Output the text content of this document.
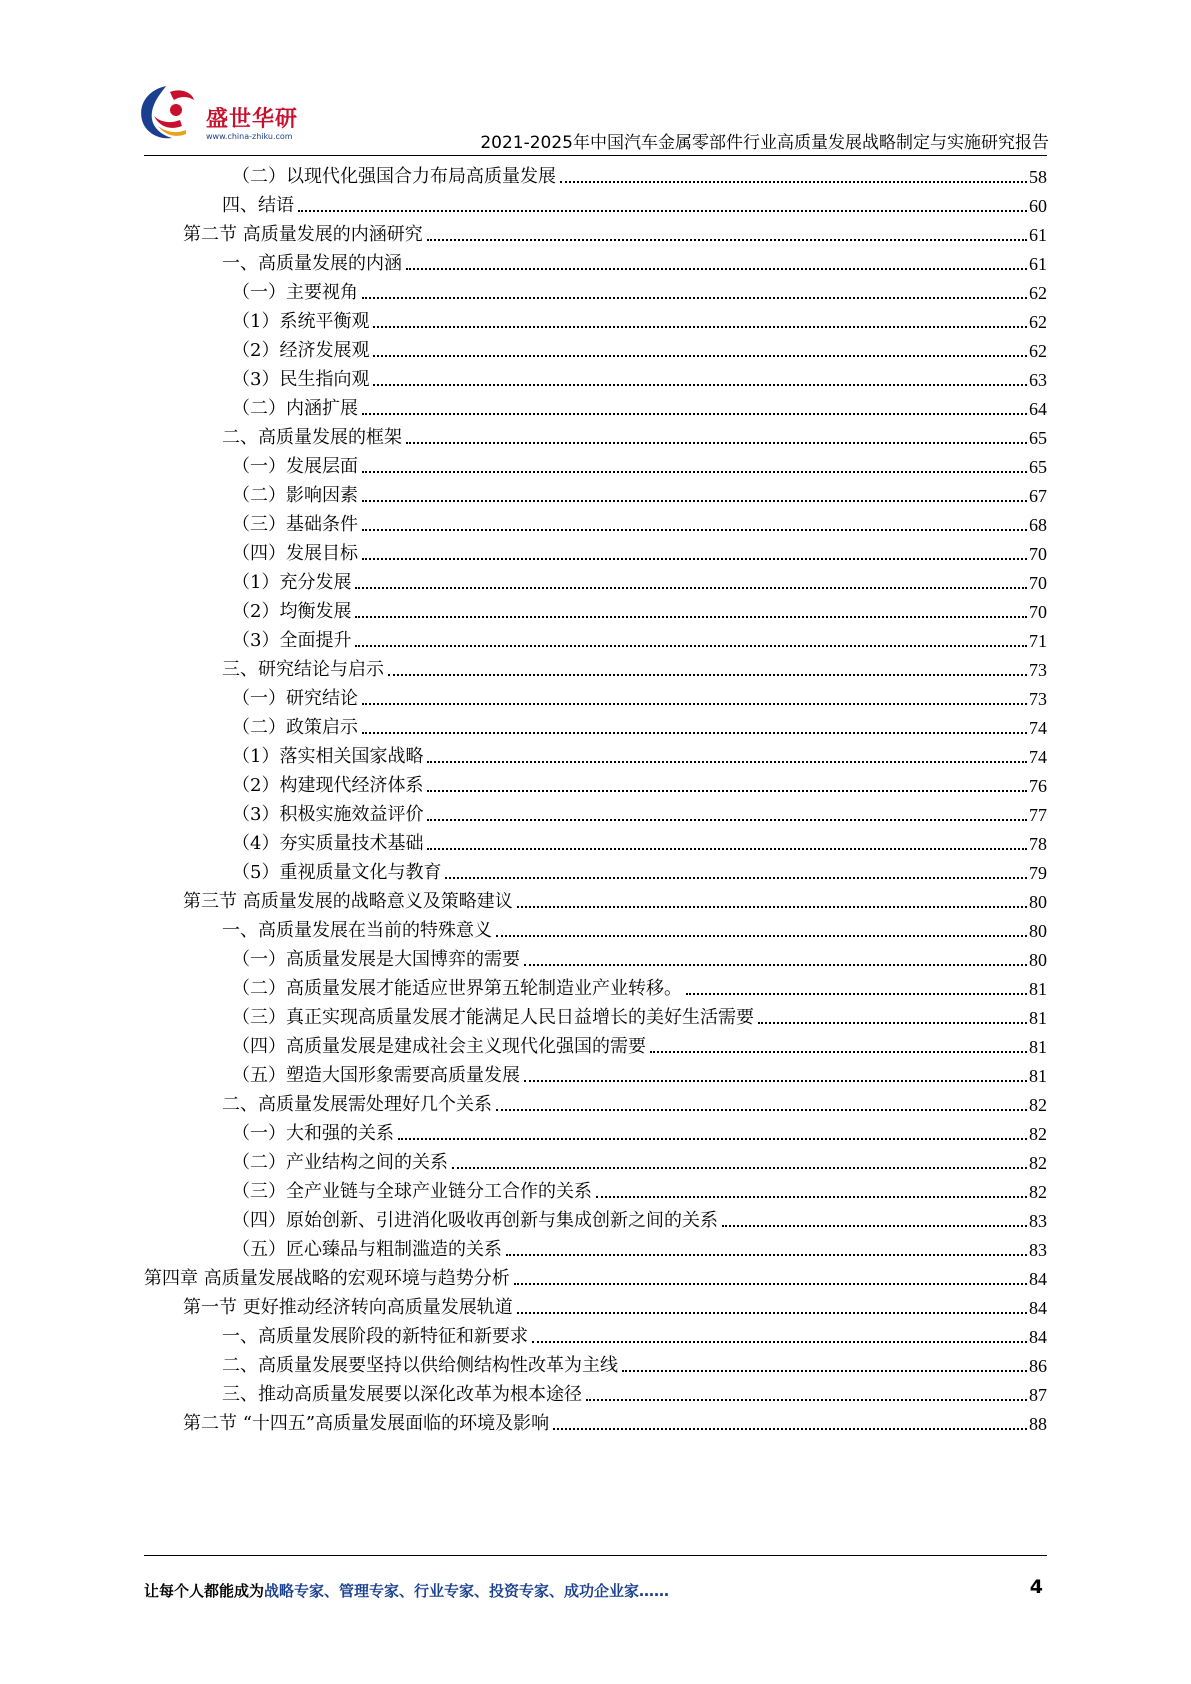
盛世华研
www.china-zhiku.com	2021-2025年中国汽车金属零部件行业高质量发展战略制定与实施研究报告
（二）以现代化强国合力布局高质量发展	58
四、结语	60
第二节 高质量发展的内涵研究	61
一、高质量发展的内涵	61
（一）主要视角	62
（1）系统平衡观	62
（2）经济发展观	62
（3）民生指向观	63
（二）内涵扩展	64
二、高质量发展的框架	65
（一）发展层面	65
（二）影响因素	67
（三）基础条件	68
（四）发展目标	70
（1）充分发展	70
（2）均衡发展	70
（3）全面提升	71
三、研究结论与启示	73
（一）研究结论	73
（二）政策启示	74
（1）落实相关国家战略	74
（2）构建现代经济体系	76
（3）积极实施效益评价	77
（4）夯实质量技术基础	78
（5）重视质量文化与教育	79
第三节 高质量发展的战略意义及策略建议	80
一、高质量发展在当前的特殊意义	80
（一）高质量发展是大国博弈的需要	80
（二）高质量发展才能适应世界第五轮制造业产业转移。	81
（三）真正实现高质量发展才能满足人民日益增长的美好生活需要	81
（四）高质量发展是建成社会主义现代化强国的需要	81
（五）塑造大国形象需要高质量发展	81
二、高质量发展需处理好几个关系	82
（一）大和强的关系	82
（二）产业结构之间的关系	82
（三）全产业链与全球产业链分工合作的关系	82
（四）原始创新、引进消化吸收再创新与集成创新之间的关系	83
（五）匠心臻品与粗制滥造的关系	83
第四章 高质量发展战略的宏观环境与趋势分析	84
第一节 更好推动经济转向高质量发展轨道	84
一、高质量发展阶段的新特征和新要求	84
二、高质量发展要坚持以供给侧结构性改革为主线	86
三、推动高质量发展要以深化改革为根本途径	87
第二节 “十四五”高质量发展面临的环境及影响	88
让每个人都能成为战略专家、管理专家、行业专家、投资专家、成功企业家……	4
